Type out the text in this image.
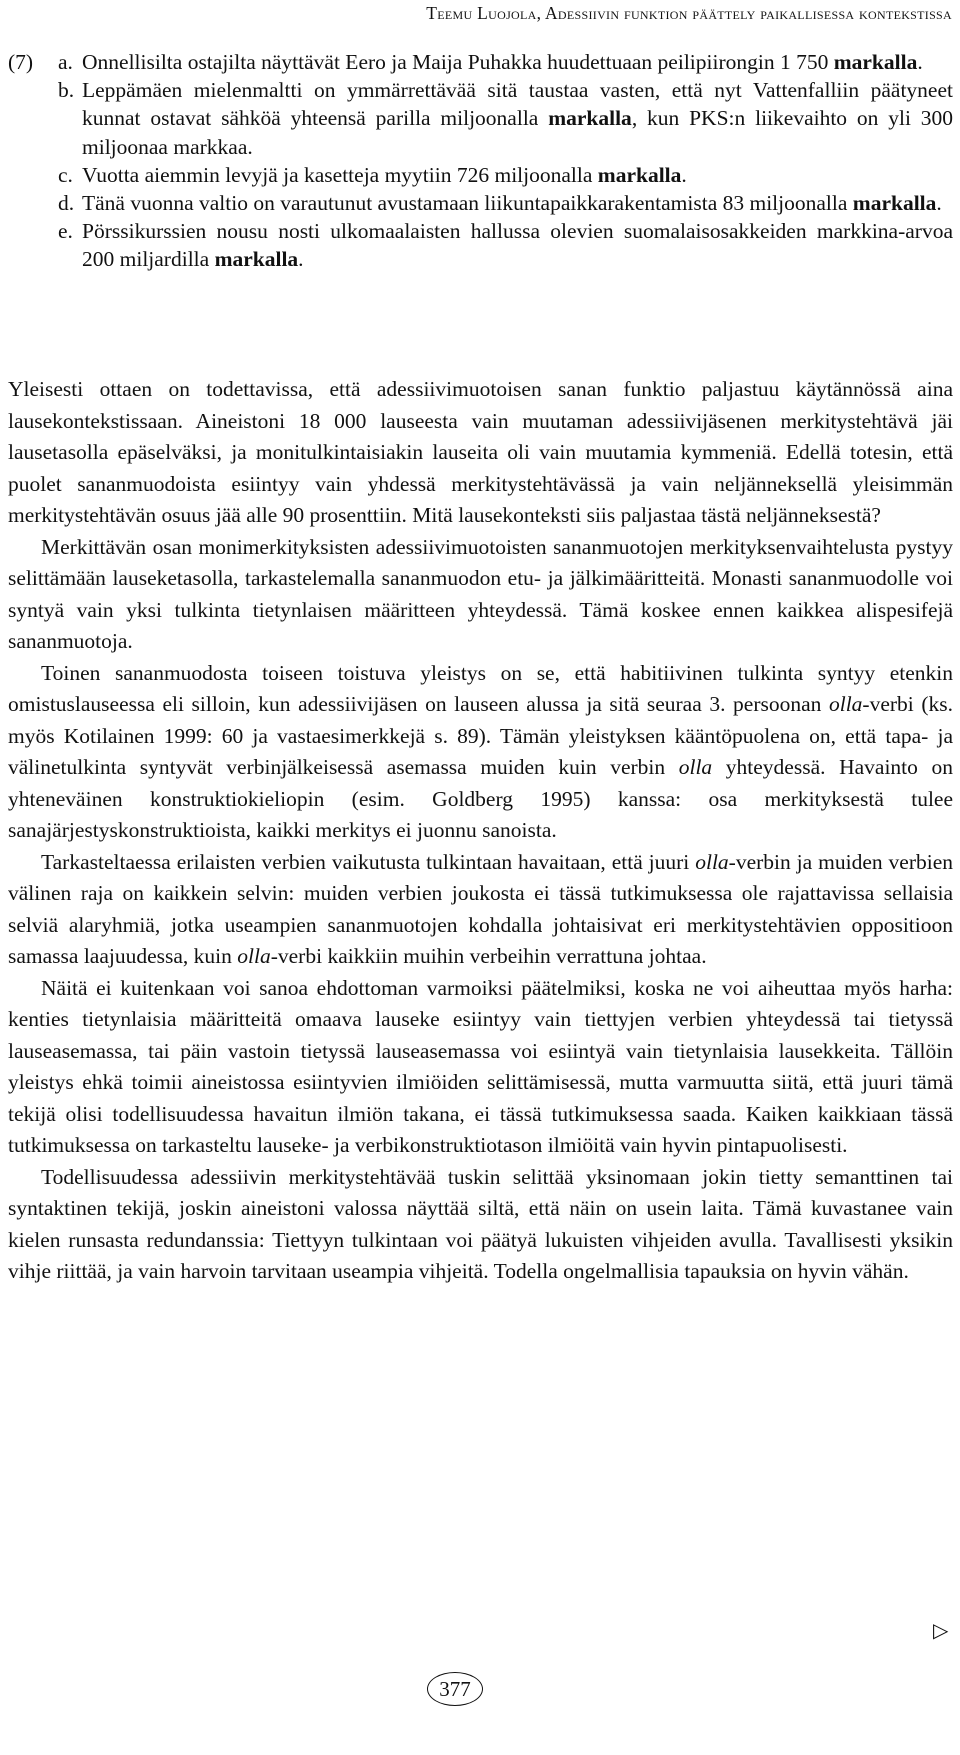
Teemu Luojola, Adessiivin funktion päättely paikallisessa kontekstissa
(7)	a. Onnellisilta ostajilta näyttävät Eero ja Maija Puhakka huudettuaan peilipiirongin 1 750 markalla.
b. Leppämäen mielenmaltti on ymmärrettävää sitä taustaa vasten, että nyt Vattenfalliin päätyneet kunnat ostavat sähköä yhteensä parilla miljoonalla markalla, kun PKS:n liikevaihto on yli 300 miljoonaa markkaa.
c. Vuotta aiemmin levyjä ja kasetteja myytiin 726 miljoonalla markalla.
d. Tänä vuonna valtio on varautunut avustamaan liikuntapaikkarakentamista 83 miljoonalla markalla.
e. Pörssikurssien nousu nosti ulkomaalaisten hallussa olevien suomalaisosakkeiden markkina-arvoa 200 miljardilla markalla.

Yleisesti ottaen on todettavissa, että adessiivimuotoisen sanan funktio paljastuu käytännössä aina lausekontekstissaan. Aineistoni 18 000 lauseesta vain muutaman adessiivijäsenen merkitystehtävä jäi lausetasolla epäselväksi, ja monitulkintaisiakin lauseita oli vain muutamia kymmeniä. Edellä totesin, että puolet sananmuodoista esiintyy vain yhdessä merkitystehtävässä ja vain neljänneksellä yleisimmän merkitystehtävän osuus jää alle 90 prosenttiin. Mitä lausekonteksti siis paljastaa tästä neljänneksestä?

Merkittävän osan monimerkityksisten adessiivimuotoisten sananmuotojen merkityksenvaihtelusta pystyy selittämään lauseketasolla, tarkastelemalla sananmuodon etu- ja jälkimääritteitä. Monasti sananmuodolle voi syntyä vain yksi tulkinta tietynlaisen määritteen yhteydessä. Tämä koskee ennen kaikkea alispesifejä sananmuotoja.

Toinen sananmuodosta toiseen toistuva yleistys on se, että habitiivinen tulkinta syntyy etenkin omistuslauseessa eli silloin, kun adessiivijäsen on lauseen alussa ja sitä seuraa 3. persoonan olla-verbi (ks. myös Kotilainen 1999: 60 ja vastaesimerkkejä s. 89). Tämän yleistyksen kääntöpuolena on, että tapa- ja välinetulkinta syntyvät verbinjälkeisessä asemassa muiden kuin verbin olla yhteydessä. Havainto on yhteneväinen konstruktiokieliopin (esim. Goldberg 1995) kanssa: osa merkityksestä tulee sanajärjestyskonstruktioista, kaikki merkitys ei juonnu sanoista.

Tarkasteltaessa erilaisten verbien vaikutusta tulkintaan havaitaan, että juuri olla-verbin ja muiden verbien välinen raja on kaikkein selvin: muiden verbien joukosta ei tässä tutkimuksessa ole rajattavissa sellaisia selviä alaryhmiä, jotka useampien sananmuotojen kohdalla johtaisivat eri merkitystehtävien oppositioon samassa laajuudessa, kuin olla-verbi kaikkiin muihin verbeihin verrattuna johtaa.

Näitä ei kuitenkaan voi sanoa ehdottoman varmoiksi päätelmiksi, koska ne voi aiheuttaa myös harha: kenties tietynlaisia määritteitä omaava lauseke esiintyy vain tiettyjen verbien yhteydessä tai tietyssä lauseasemassa, tai päin vastoin tietyssä lauseasemassa voi esiintyä vain tietynlaisia lausekkeita. Tällöin yleistys ehkä toimii aineistossa esiintyvien ilmiöiden selittämisessä, mutta varmuutta siitä, että juuri tämä tekijä olisi todellisuudessa havaitun ilmiön takana, ei tässä tutkimuksessa saada. Kaiken kaikkiaan tässä tutkimuksessa on tarkasteltu lauseke- ja verbikonstruktiotason ilmiöitä vain hyvin pintapuolisesti.

Todellisuudessa adessiivin merkitystehtävää tuskin selittää yksinomaan jokin tietty semanttinen tai syntaktinen tekijä, joskin aineistoni valossa näyttää siltä, että näin on usein laita. Tämä kuvastanee vain kielen runsasta redundanssia: Tiettyyn tulkintaan voi päätyä lukuisten vihjeiden avulla. Tavallisesti yksikin vihje riittää, ja vain harvoin tarvitaan useampia vihjeitä. Todella ongelmallisia tapauksia on hyvin vähän.

▷
377
